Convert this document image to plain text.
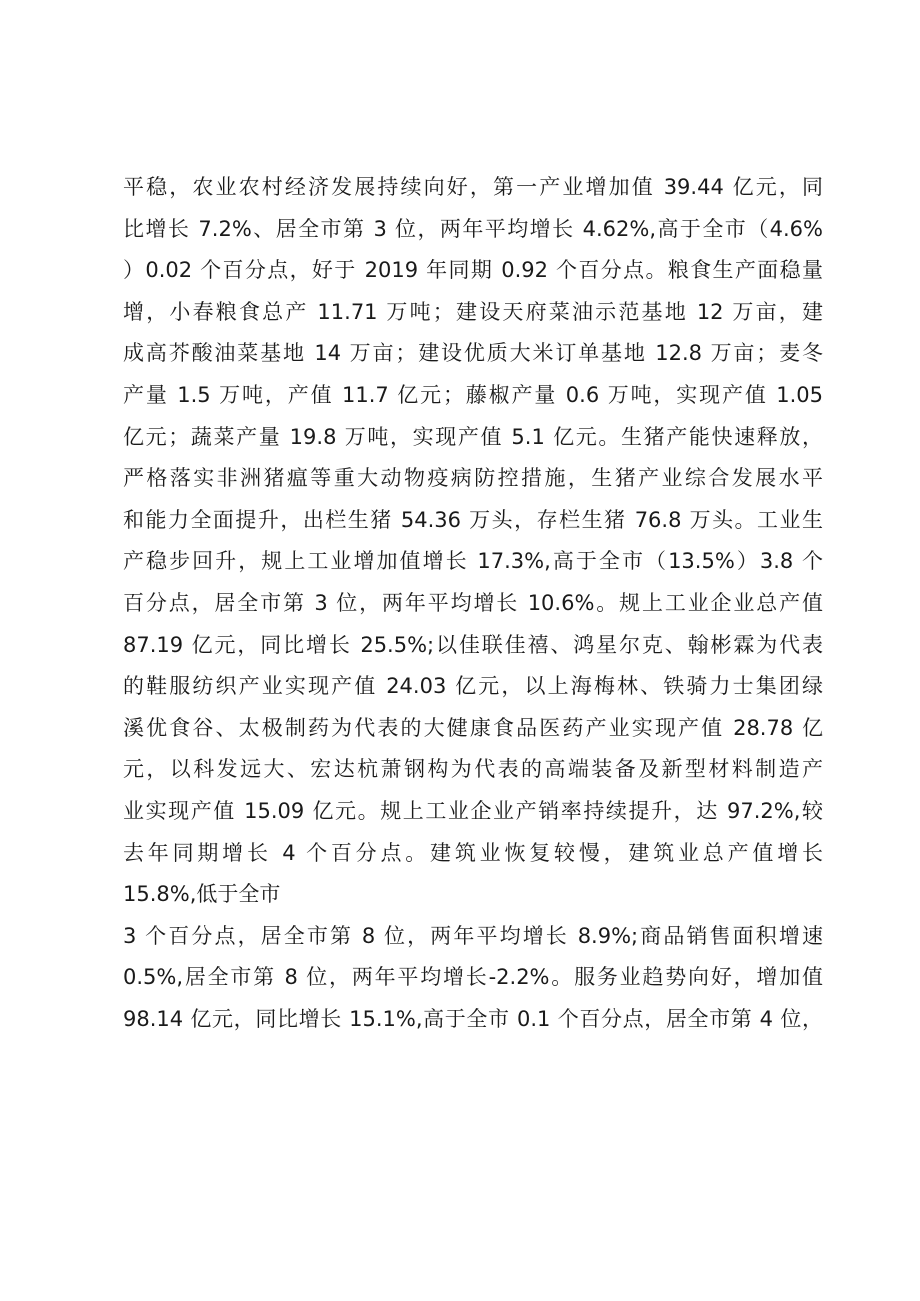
平稳，农业农村经济发展持续向好，第一产业增加值 39.44 亿元，同
比增长 7.2%、居全市第 3 位，两年平均增长 4.62%,高于全市（4.6%
）0.02 个百分点，好于 2019 年同期 0.92 个百分点。粮食生产面稳量
增，小春粮食总产 11.71 万吨；建设天府菜油示范基地 12 万亩，建
成高芥酸油菜基地 14 万亩；建设优质大米订单基地 12.8 万亩；麦冬
产量 1.5 万吨，产值 11.7 亿元；藤椒产量 0.6 万吨，实现产值 1.05
亿元；蔬菜产量 19.8 万吨，实现产值 5.1 亿元。生猪产能快速释放，
严格落实非洲猪瘟等重大动物疫病防控措施，生猪产业综合发展水平
和能力全面提升，出栏生猪 54.36 万头，存栏生猪 76.8 万头。工业生
产稳步回升，规上工业增加值增长 17.3%,高于全市（13.5%）3.8 个
百分点，居全市第 3 位，两年平均增长 10.6%。规上工业企业总产值
87.19 亿元，同比增长 25.5%;以佳联佳禧、鸿星尔克、翰彬霖为代表
的鞋服纺织产业实现产值 24.03 亿元，以上海梅林、铁骑力士集团绿
溪优食谷、太极制药为代表的大健康食品医药产业实现产值 28.78 亿
元，以科发远大、宏达杭萧钢构为代表的高端装备及新型材料制造产
业实现产值 15.09 亿元。规上工业企业产销率持续提升，达 97.2%,较
去年同期增长 4 个百分点。建筑业恢复较慢，建筑业总产值增长
15.8%,低于全市
3 个百分点，居全市第 8 位，两年平均增长 8.9%;商品销售面积增速
0.5%,居全市第 8 位，两年平均增长-2.2%。服务业趋势向好，增加值
98.14 亿元，同比增长 15.1%,高于全市 0.1 个百分点，居全市第 4 位，
